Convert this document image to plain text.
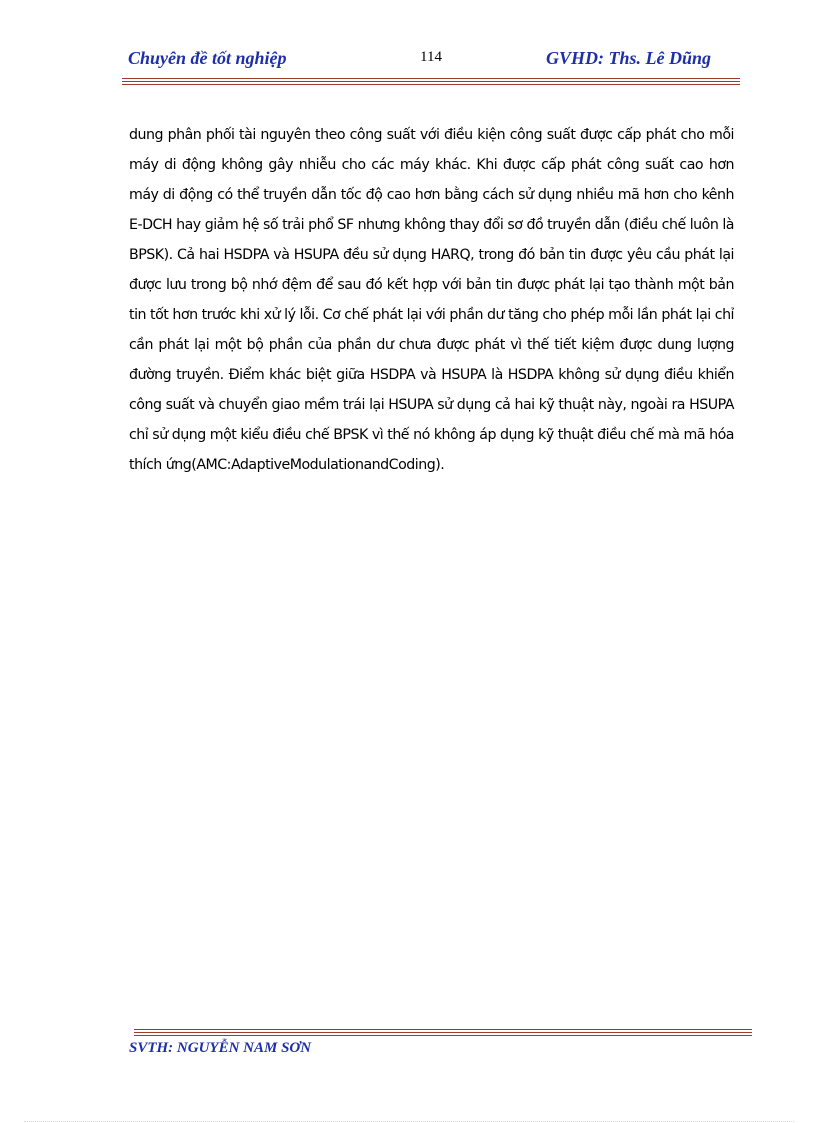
Chuyên đề tốt nghiệp	114	GVHD: Ths. Lê Dũng
dung phân phối tài nguyên theo công suất với điều kiện công suất được cấp phát cho mỗi máy di động không gây nhiễu cho các máy khác. Khi được cấp phát công suất cao hơn máy di động có thể truyền dẫn tốc độ cao hơn bằng cách sử dụng nhiều mã hơn cho kênh E-DCH hay giảm hệ số trải phổ SF nhưng không thay đổi sơ đồ truyền dẫn (điều chế luôn là BPSK). Cả hai HSDPA và HSUPA đều sử dụng HARQ, trong đó bản tin được yêu cầu phát lại được lưu trong bộ nhớ đệm để sau đó kết hợp với bản tin được phát lại tạo thành một bản tin tốt hơn trước khi xử lý lỗi. Cơ chế phát lại với phần dư tăng cho phép mỗi lần phát lại chỉ cần phát lại một bộ phần của phần dư chưa được phát vì thế tiết kiệm được dung lượng đường truyền. Điểm khác biệt giữa HSDPA và HSUPA là HSDPA không sử dụng điều khiển công suất và chuyển giao mềm trái lại HSUPA sử dụng cả hai kỹ thuật này, ngoài ra HSUPA chỉ sử dụng một kiểu điều chế BPSK vì thế nó không áp dụng kỹ thuật điều chế mà mã hóa thích ứng(AMC:AdaptiveModulationandCoding).
SVTH: NGUYỄN NAM SƠN
